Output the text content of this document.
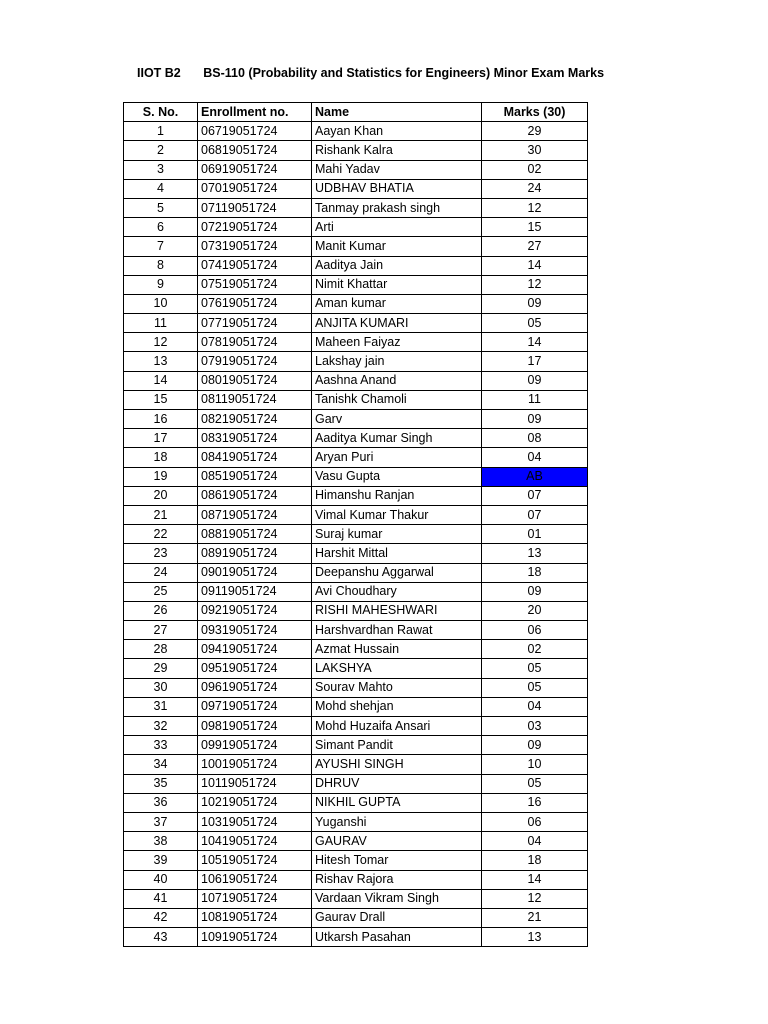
IIOT B2 BS-110 (Probability and Statistics for Engineers) Minor Exam Marks
S. No.	Enrollment no.	Name	Marks (30)
1	06719051724	Aayan Khan	29
2	06819051724	Rishank Kalra	30
3	06919051724	Mahi Yadav	02
4	07019051724	UDBHAV BHATIA	24
5	07119051724	Tanmay prakash singh	12
6	07219051724	Arti	15
7	07319051724	Manit Kumar	27
8	07419051724	Aaditya Jain	14
9	07519051724	Nimit Khattar	12
10	07619051724	Aman kumar	09
11	07719051724	ANJITA KUMARI	05
12	07819051724	Maheen Faiyaz	14
13	07919051724	Lakshay jain	17
14	08019051724	Aashna Anand	09
15	08119051724	Tanishk Chamoli	11
16	08219051724	Garv	09
17	08319051724	Aaditya Kumar Singh	08
18	08419051724	Aryan Puri	04
19	08519051724	Vasu Gupta	AB
20	08619051724	Himanshu Ranjan	07
21	08719051724	Vimal Kumar Thakur	07
22	08819051724	Suraj kumar	01
23	08919051724	Harshit Mittal	13
24	09019051724	Deepanshu Aggarwal	18
25	09119051724	Avi Choudhary	09
26	09219051724	RISHI MAHESHWARI	20
27	09319051724	Harshvardhan Rawat	06
28	09419051724	Azmat Hussain	02
29	09519051724	LAKSHYA	05
30	09619051724	Sourav Mahto	05
31	09719051724	Mohd shehjan	04
32	09819051724	Mohd Huzaifa Ansari	03
33	09919051724	Simant Pandit	09
34	10019051724	AYUSHI SINGH	10
35	10119051724	DHRUV	05
36	10219051724	NIKHIL GUPTA	16
37	10319051724	Yuganshi	06
38	10419051724	GAURAV	04
39	10519051724	Hitesh Tomar	18
40	10619051724	Rishav Rajora	14
41	10719051724	Vardaan Vikram Singh	12
42	10819051724	Gaurav Drall	21
43	10919051724	Utkarsh Pasahan	13
